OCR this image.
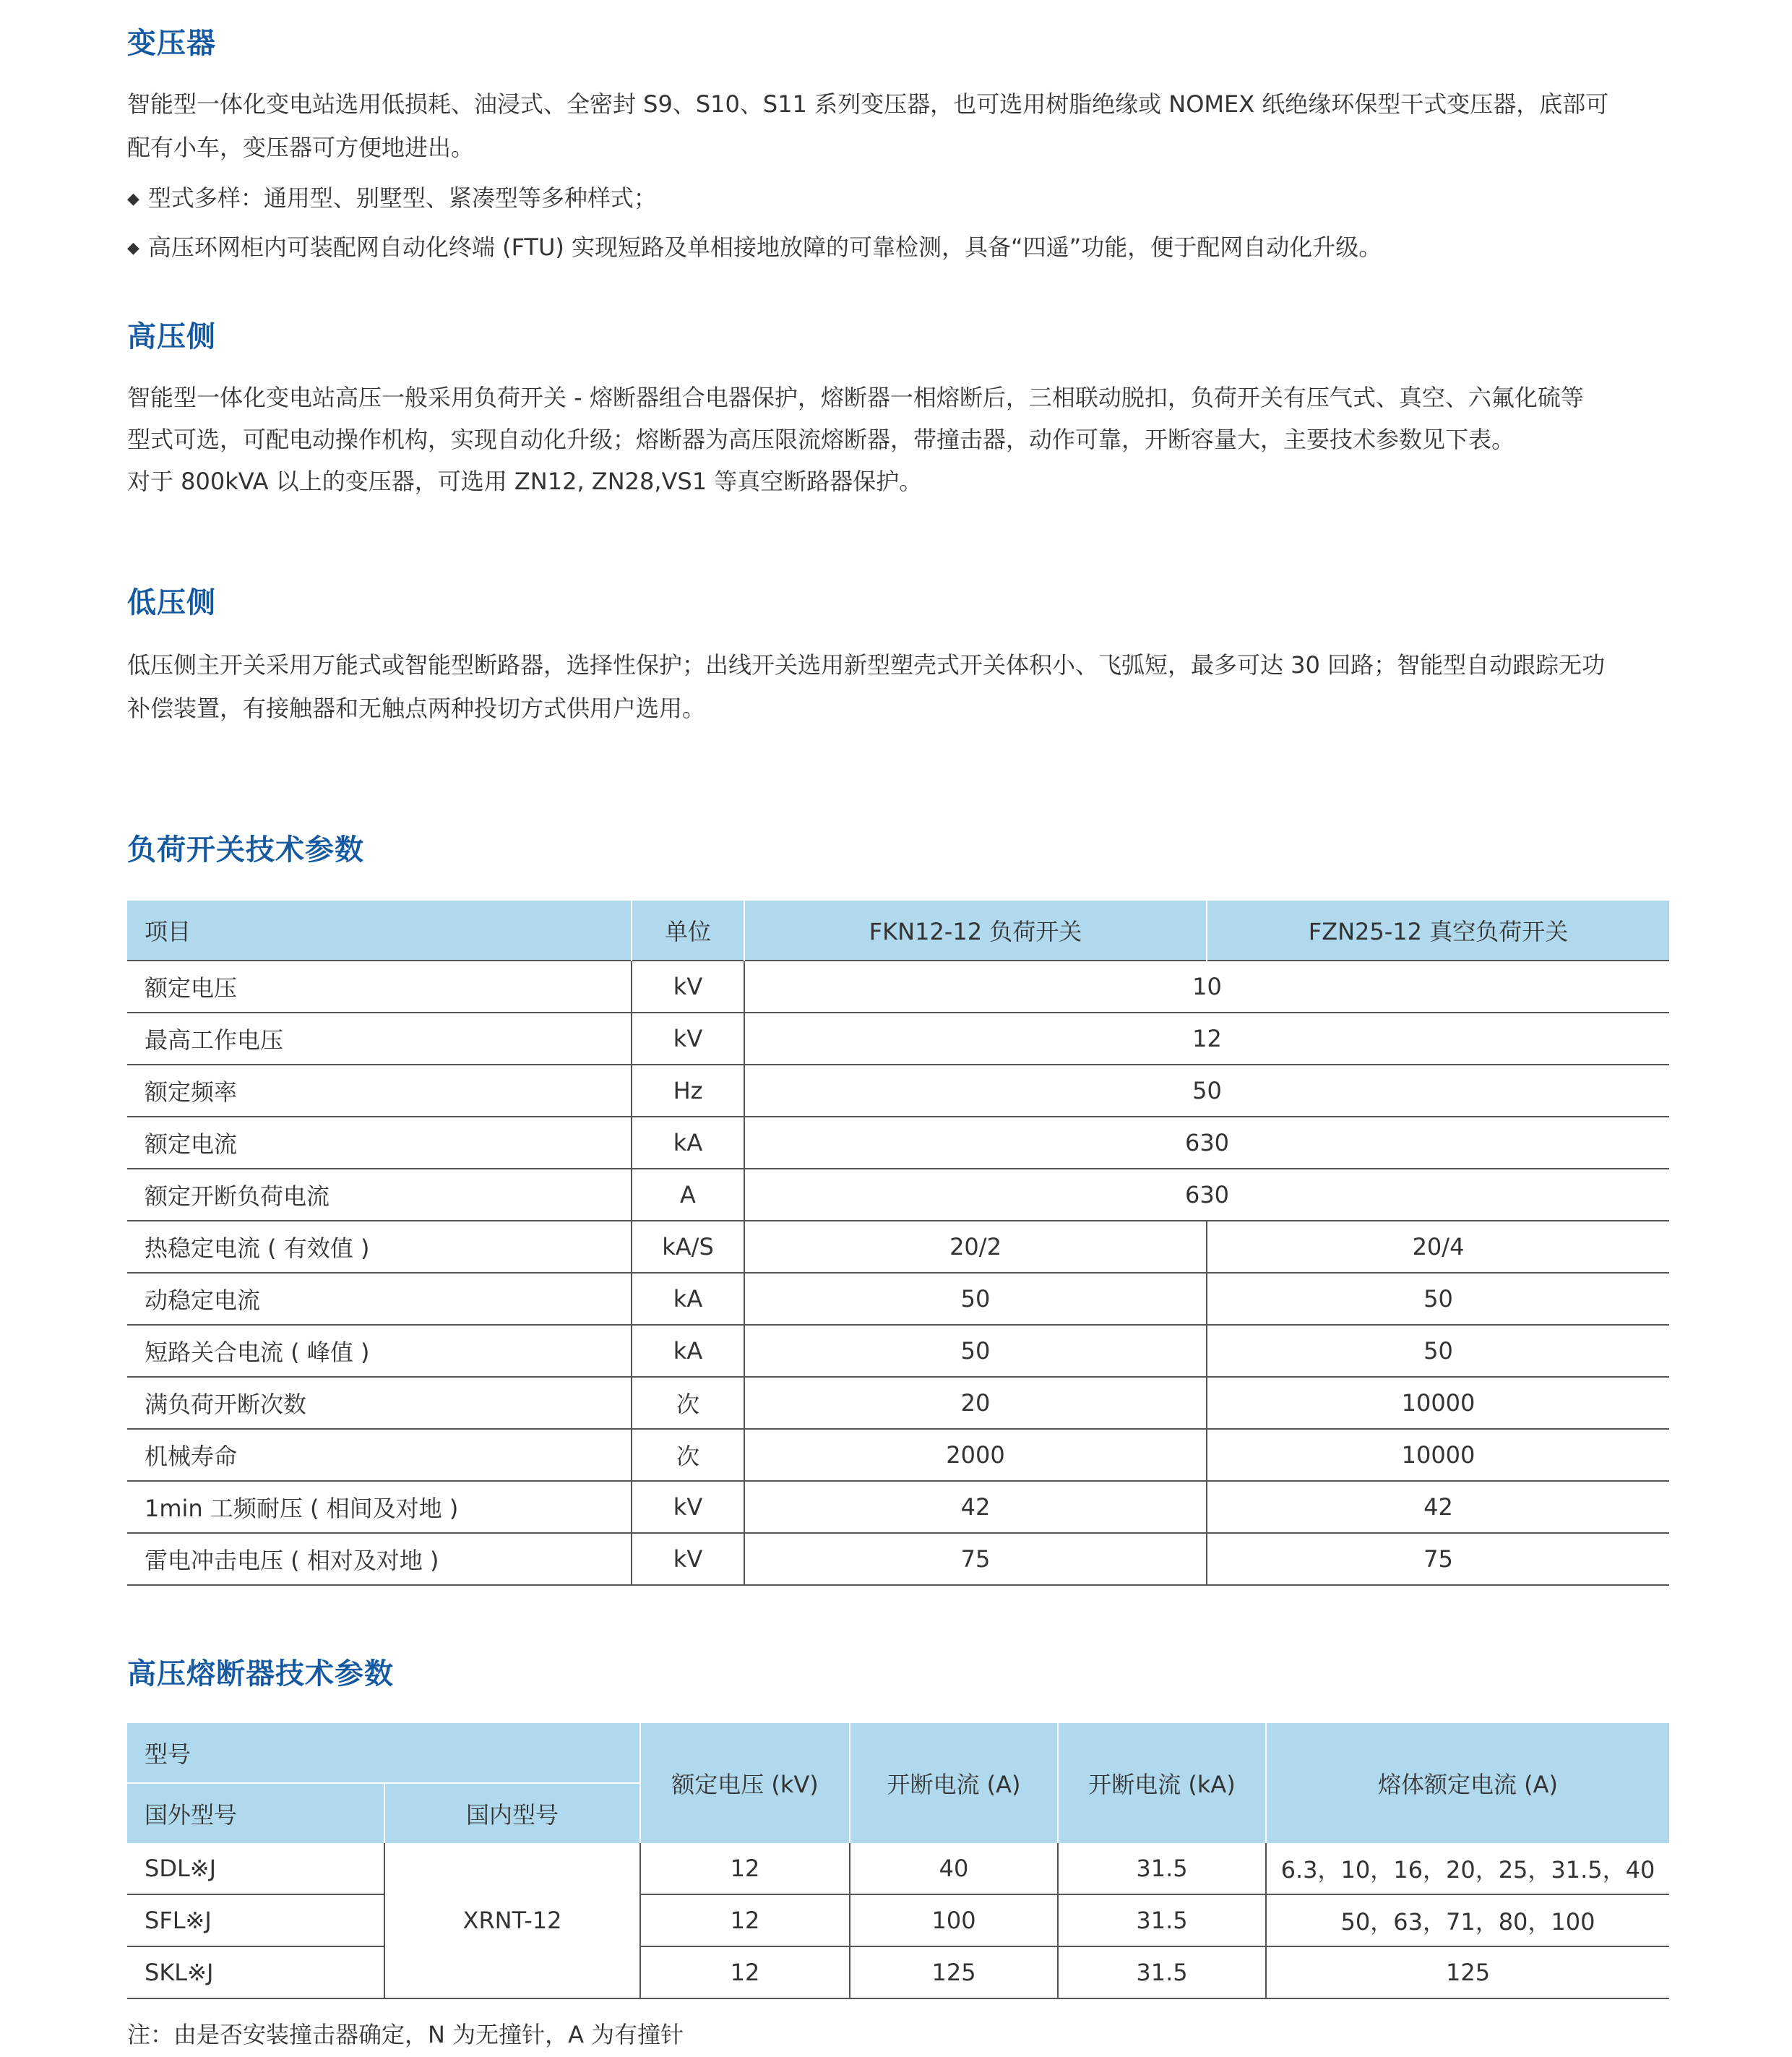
变压器

智能型一体化变电站选用低损耗、油浸式、全密封 S9、S10、S11 系列变压器，也可选用树脂绝缘或 NOMEX 纸绝缘环保型干式变压器，底部可

配有小车，变压器可方便地进出。

◆ 型式多样：通用型、别墅型、紧凑型等多种样式；
◆ 高压环网柜内可装配网自动化终端 (FTU) 实现短路及单相接地放障的可靠检测，具备“四遥”功能，便于配网自动化升级。
高压侧

智能型一体化变电站高压一般采用负荷开关 - 熔断器组合电器保护，熔断器一相熔断后，三相联动脱扣，负荷开关有压气式、真空、六氟化硫等

型式可选，可配电动操作机构，实现自动化升级；熔断器为高压限流熔断器，带撞击器，动作可靠，开断容量大，主要技术参数见下表。

对于 800kVA 以上的变压器，可选用 ZN12, ZN28,VS1 等真空断路器保护。

低压侧

低压侧主开关采用万能式或智能型断路器，选择性保护；出线开关选用新型塑壳式开关体积小、飞弧短，最多可达 30 回路；智能型自动跟踪无功

补偿装置，有接触器和无触点两种投切方式供用户选用。

负荷开关技术参数
项目	单位	FKN12-12 负荷开关	FZN25-12 真空负荷开关
额定电压	kV	10	
最高工作电压	kV	12	
额定频率	Hz	50	
额定电流	kA	630	
额定开断负荷电流	A	630	
热稳定电流 ( 有效值 )	kA/S	20/2	20/4
动稳定电流	kA	50	50
短路关合电流 ( 峰值 )	kA	50	50
满负荷开断次数	次	20	10000
机械寿命	次	2000	10000
1min 工频耐压 ( 相间及对地 )	kV	42	42
雷电冲击电压 ( 相对及对地 )	kV	75	75
高压熔断器技术参数
型号		额定电压 (kV)	开断电流 (A)	开断电流 (kA)	熔体额定电流 (A)
国外型号	国内型号				
SDL※J	XRNT-12	12	40	31.5	6.3，10，16，20，25，31.5，40
SFL※J		12	100	31.5	50，63，71，80，100
SKL※J		12	125	31.5	125
注：由是否安装撞击器确定，N 为无撞针，A 为有撞针
